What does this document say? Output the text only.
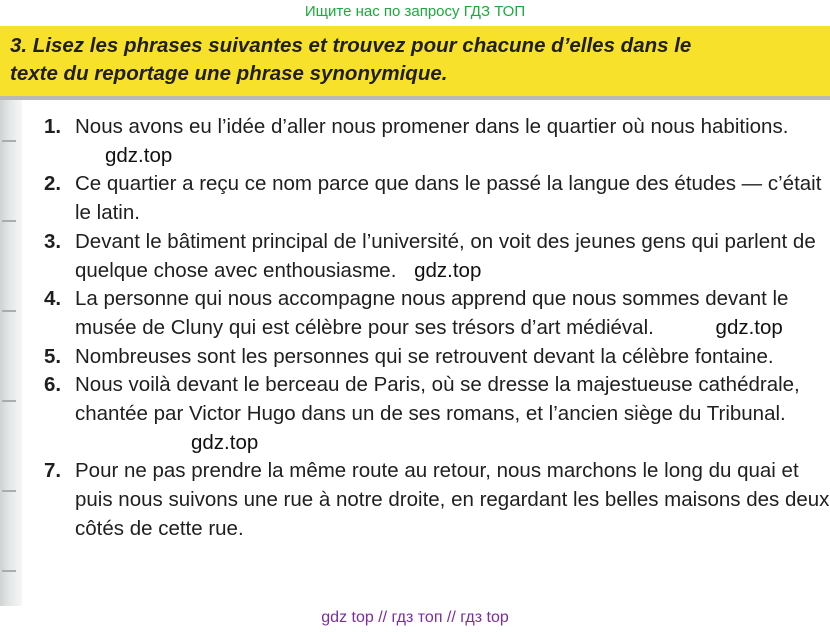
Ищите нас по запросу ГДЗ ТОП

3. Lisez les phrases suivantes et trouvez pour chacune d’elles dans le

texte du reportage une phrase synonymique.

1. Nous avons eu l’idée d’aller nous promener dans le quartier où nous habitions. gdz.top
2. Ce quartier a reçu ce nom parce que dans le passé la langue des études — c’était le latin.
3. Devant le bâtiment principal de l’université, on voit des jeunes gens qui parlent de quelque chose avec enthousiasme. gdz.top
4. La personne qui nous accompagne nous apprend que nous sommes devant le musée de Cluny qui est célèbre pour ses trésors d’art médiéval.	gdz.top
5. Nombreuses sont les personnes qui se retrouvent devant la célèbre fontaine.
6. Nous voilà devant le berceau de Paris, où se dresse la majestueuse cathédrale, chantée par Victor Hugo dans un de ses romans, et l’ancien siège du Tribunal. gdz.top
7. Pour ne pas prendre la même route au retour, nous marchons le long du quai et puis nous suivons une rue à notre droite, en regardant les belles maisons des deux côtés de cette rue.
gdz top // гдз топ // гдз top
